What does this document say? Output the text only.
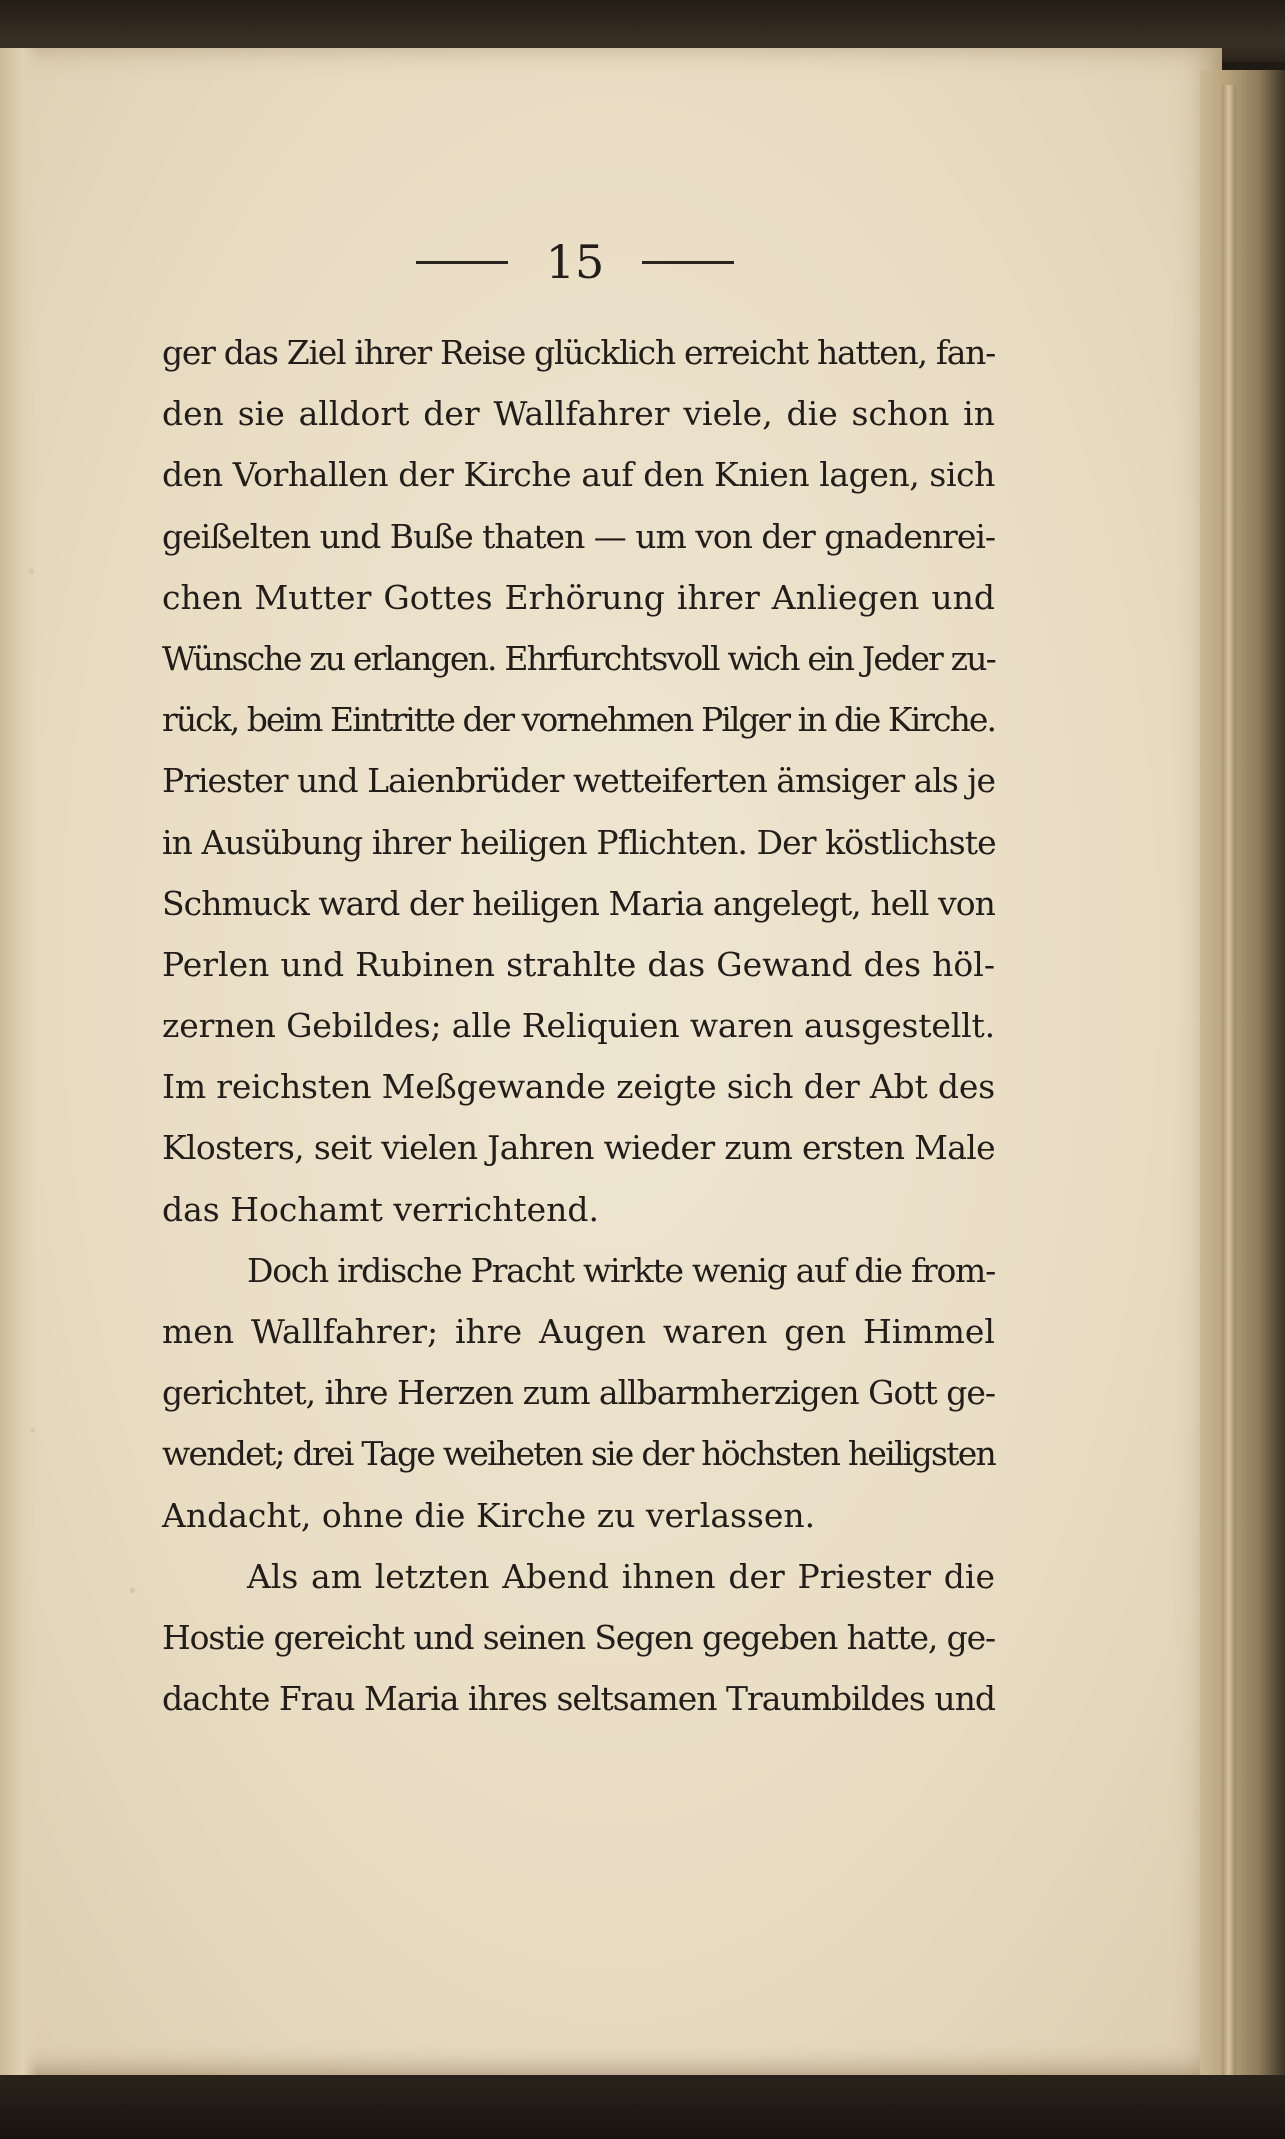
15
ger das Ziel ihrer Reise glücklich erreicht hatten, fan-
den sie alldort der Wallfahrer viele, die schon in
den Vorhallen der Kirche auf den Knien lagen, sich
geißelten und Buße thaten — um von der gnadenrei-
chen Mutter Gottes Erhörung ihrer Anliegen und
Wünsche zu erlangen. Ehrfurchtsvoll wich ein Jeder zu-
rück, beim Eintritte der vornehmen Pilger in die Kirche.
Priester und Laienbrüder wetteiferten ämsiger als je
in Ausübung ihrer heiligen Pflichten. Der köstlichste
Schmuck ward der heiligen Maria angelegt, hell von
Perlen und Rubinen strahlte das Gewand des höl-
zernen Gebildes; alle Reliquien waren ausgestellt.
Im reichsten Meßgewande zeigte sich der Abt des
Klosters, seit vielen Jahren wieder zum ersten Male
das Hochamt verrichtend.
Doch irdische Pracht wirkte wenig auf die from-
men Wallfahrer; ihre Augen waren gen Himmel
gerichtet, ihre Herzen zum allbarmherzigen Gott ge-
wendet; drei Tage weiheten sie der höchsten heiligsten
Andacht, ohne die Kirche zu verlassen.
Als am letzten Abend ihnen der Priester die
Hostie gereicht und seinen Segen gegeben hatte, ge-
dachte Frau Maria ihres seltsamen Traumbildes und
